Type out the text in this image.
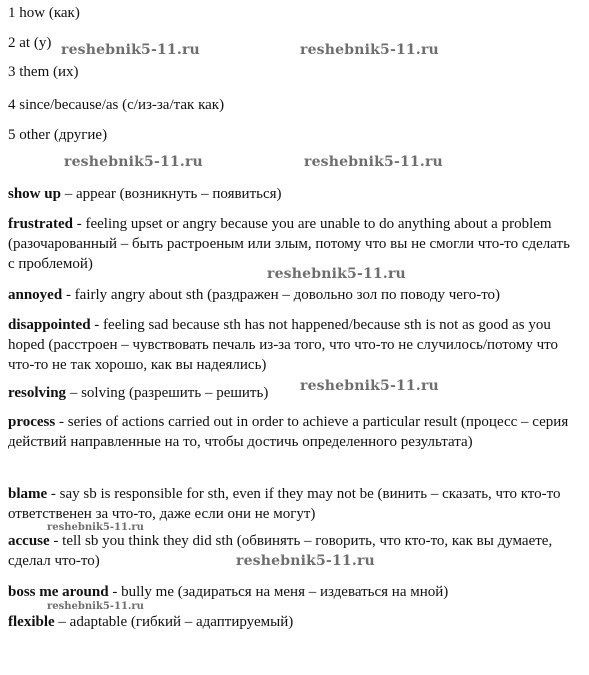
1 how (как)
2 at (у)
3 them (их)
4 since/because/as (с/из-за/так как)
5 other (другие)
show up – appear (возникнуть – появиться)
frustrated - feeling upset or angry because you are unable to do anything about a problem (разочарованный – быть растроеным или злым, потому что вы не смогли что-то сделать с проблемой)
annoyed - fairly angry about sth (раздражен – довольно зол по поводу чего-то)
disappointed - feeling sad because sth has not happened/because sth is not as good as you hoped (расстроен – чувствовать печаль из-за того, что что-то не случилось/потому что что-то не так хорошо, как вы надеялись)
resolving – solving (разрешить – решить)
process - series of actions carried out in order to achieve a particular result (процесс – серия действий направленные на то, чтобы достичь определенного результата)
blame - say sb is responsible for sth, even if they may not be (винить – сказать, что кто-то ответственен за что-то, даже если они не могут)
accuse - tell sb you think they did sth (обвинять – говорить, что кто-то, как вы думаете, сделал что-то)
boss me around - bully me (задираться на меня – издеваться на мной)
flexible – adaptable (гибкий – адаптируемый)
reshebnik5-11.ru	reshebnik5-11.ru
reshebnik5-11.ru	reshebnik5-11.ru
reshebnik5-11.ru
reshebnik5-11.ru
reshebnik5-11.ru
reshebnik5-11.ru
reshebnik5-11.ru
